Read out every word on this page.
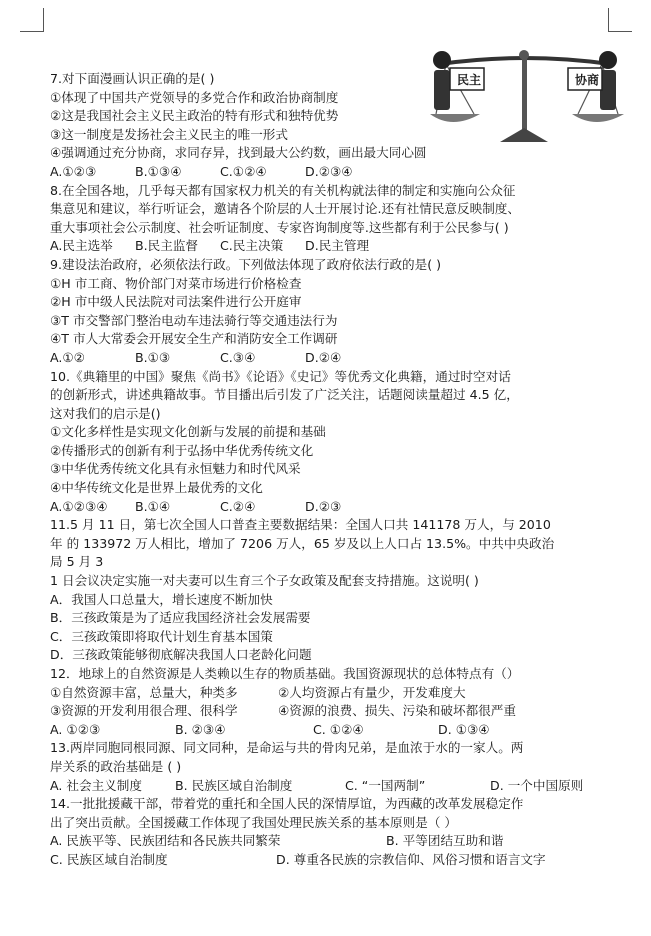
民主	协商
7.对下面漫画认识正确的是( )
①体现了中国共产党领导的多党合作和政治协商制度
②这是我国社会主义民主政治的特有形式和独特优势
③这一制度是发扬社会主义民主的唯一形式
④强调通过充分协商，求同存异，找到最大公约数，画出最大同心圆
A.①②③	B.①③④	C.①②④	D.②③④
8.在全国各地，几乎每天都有国家权力机关的有关机构就法律的制定和实施向公众征
集意见和建议，举行听证会，邀请各个阶层的人士开展讨论.还有社情民意反映制度、
重大事项社会公示制度、社会听证制度、专家咨询制度等.这些都有利于公民参与( )
A.民主选举	B.民主监督	C.民主决策	D.民主管理
9.建设法治政府，必须依法行政。下列做法体现了政府依法行政的是( )
①H 市工商、物价部门对菜市场进行价格检查
②H 市中级人民法院对司法案件进行公开庭审
③T 市交警部门整治电动车违法骑行等交通违法行为
④T 市人大常委会开展安全生产和消防安全工作调研
A.①②	B.①③	C.③④	D.②④
10.《典籍里的中国》聚焦《尚书》《论语》《史记》等优秀文化典籍，通过时空对话
的创新形式，讲述典籍故事。节目播出后引发了广泛关注，话题阅读量超过 4.5 亿，
这对我们的启示是()
①文化多样性是实现文化创新与发展的前提和基础
②传播形式的创新有利于弘扬中华优秀传统文化
③中华优秀传统文化具有永恒魅力和时代风采
④中华传统文化是世界上最优秀的文化
A.①②③④	B.①④	C.②④	D.②③
11.5 月 11 日，第七次全国人口普查主要数据结果：全国人口共 141178 万人，与 2010
年 的 133972 万人相比，增加了 7206 万人，65 岁及以上人口占 13.5%。中共中央政治
局 5 月 3
1 日会议决定实施一对夫妻可以生育三个子女政策及配套支持措施。这说明( )
A．我国人口总量大，增长速度不断加快
B．三孩政策是为了适应我国经济社会发展需要
C．三孩政策即将取代计划生育基本国策
D．三孩政策能够彻底解决我国人口老龄化问题
12．地球上的自然资源是人类赖以生存的物质基础。我国资源现状的总体特点有（）
①自然资源丰富，总量大，种类多	②人均资源占有量少，开发难度大
③资源的开发利用很合理、很科学	④资源的浪费、损失、污染和破坏都很严重
A. ①②③	B. ②③④	C. ①②④	D. ①③④
13.两岸同胞同根同源、同文同种，是命运与共的骨肉兄弟，是血浓于水的一家人。两
岸关系的政治基础是 ( )
A. 社会主义制度	B. 民族区域自治制度	C. “一国两制”	D. 一个中国原则
14.一批批援藏干部，带着党的重托和全国人民的深情厚谊，为西藏的改革发展稳定作
出了突出贡献。全国援藏工作体现了我国处理民族关系的基本原则是（ ）
A. 民族平等、民族团结和各民族共同繁荣	B. 平等团结互助和谐
C. 民族区域自治制度	D. 尊重各民族的宗教信仰、风俗习惯和语言文字
